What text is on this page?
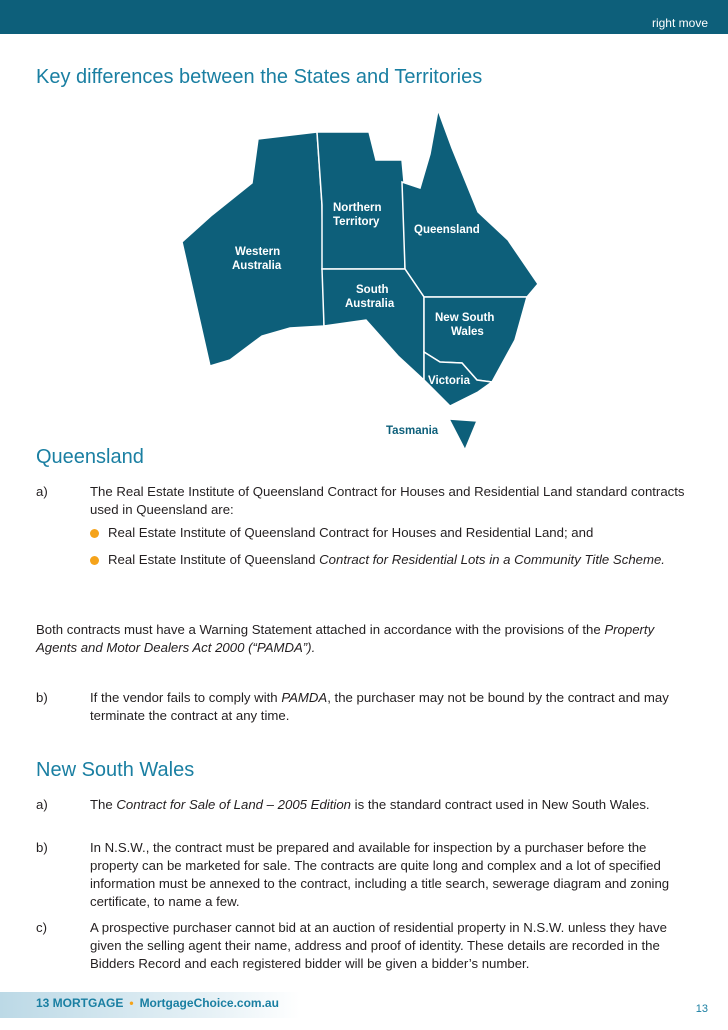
right move
Key differences between the States and Territories
Northern
Territory
Queensland
Western
Australia
South
Australia
New South
Wales
Victoria
Tasmania
Queensland
a)	The Real Estate Institute of Queensland Contract for Houses and Residential Land standard contracts used in Queensland are:

Real Estate Institute of Queensland Contract for Houses and Residential Land; and
Real Estate Institute of Queensland Contract for Residential Lots in a Community Title Scheme.

Both contracts must have a Warning Statement attached in accordance with the provisions of the Property Agents and Motor Dealers Act 2000 (“PAMDA”).

b)	If the vendor fails to comply with PAMDA, the purchaser may not be bound by the contract and may terminate the contract at any time.

New South Wales
a)	The Contract for Sale of Land – 2005 Edition is the standard contract used in New South Wales.

b)	In N.S.W., the contract must be prepared and available for inspection by a purchaser before the property can be marketed for sale. The contracts are quite long and complex and a lot of specified information must be annexed to the contract, including a title search, sewerage diagram and zoning certificate, to name a few.

c)	A prospective purchaser cannot bid at an auction of residential property in N.S.W. unless they have given the selling agent their name, address and proof of identity. These details are recorded in the Bidders Record and each registered bidder will be given a bidder’s number.

13 MORTGAGE • MortgageChoice.com.au	13
